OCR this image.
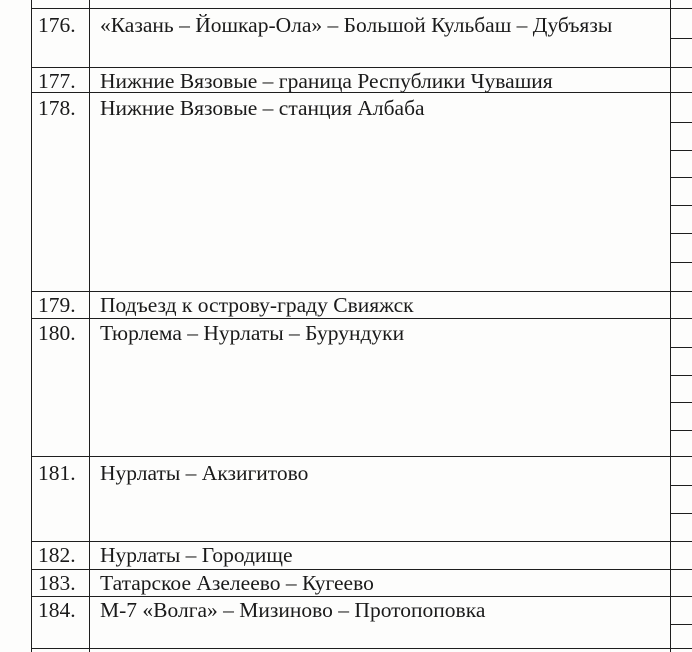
176.	«Казань – Йошкар-Ола» – Большой Кульбаш – Дубъязы
177.	Нижние Вязовые – граница Республики Чувашия
178.	Нижние Вязовые – станция Албаба
179.	Подъезд к острову-граду Свияжск
180.	Тюрлема – Нурлаты – Бурундуки
181.	Нурлаты – Акзигитово
182.	Нурлаты – Городище
183.	Татарское Азелеево – Кугеево
184.	М-7 «Волга» – Мизиново – Протопоповка
